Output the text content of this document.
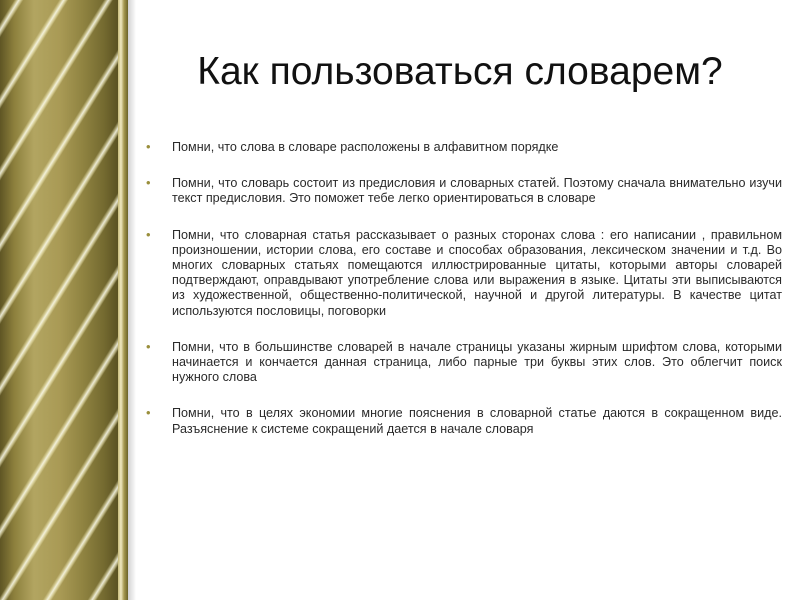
Как пользоваться словарем?
• Помни, что слова в словаре расположены в алфавитном порядке
• Помни, что словарь состоит из предисловия и словарных статей. Поэтому сначала внимательно изучи текст предисловия. Это поможет тебе легко ориентироваться в словаре
• Помни, что словарная статья рассказывает о разных сторонах слова : его написании , правильном произношении, истории слова, его составе и способах образования, лексическом значении и т.д. Во многих словарных статьях помещаются иллюстрированные цитаты, которыми авторы словарей подтверждают, оправдывают употребление слова или выражения в языке. Цитаты эти выписываются из художественной, общественно-политической, научной и другой литературы. В качестве цитат используются пословицы, поговорки
• Помни, что в большинстве словарей в начале страницы указаны жирным шрифтом слова, которыми начинается и кончается данная страница, либо парные три буквы этих слов. Это облегчит поиск нужного слова
• Помни, что в целях экономии многие пояснения в словарной статье даются в сокращенном виде. Разъяснение к системе сокращений дается в начале словаря
